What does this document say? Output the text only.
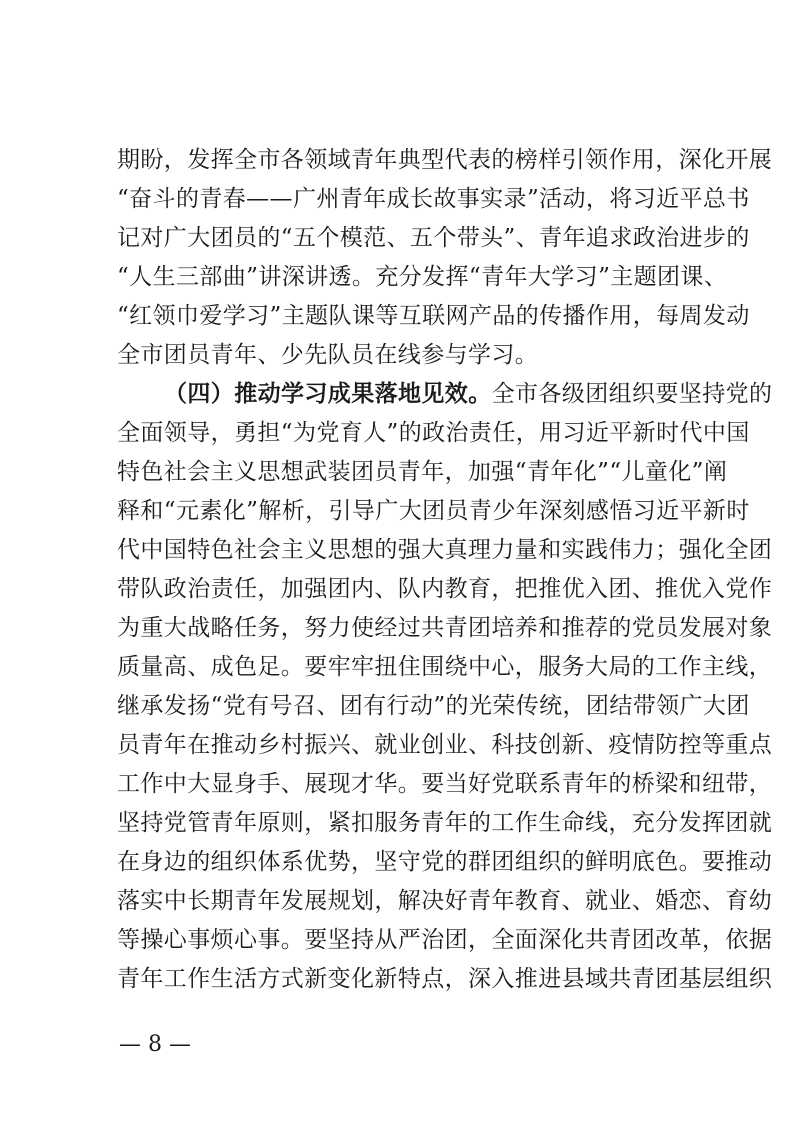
期盼，发挥全市各领域青年典型代表的榜样引领作用，深化开展
“奋斗的青春——广州青年成长故事实录”活动，将习近平总书
记对广大团员的“五个模范、五个带头”、青年追求政治进步的
“人生三部曲”讲深讲透。充分发挥“青年大学习”主题团课、
“红领巾爱学习”主题队课等互联网产品的传播作用，每周发动
全市团员青年、少先队员在线参与学习。
（四）推动学习成果落地见效。全市各级团组织要坚持党的
全面领导，勇担“为党育人”的政治责任，用习近平新时代中国
特色社会主义思想武装团员青年，加强“青年化”“儿童化”阐
释和“元素化”解析，引导广大团员青少年深刻感悟习近平新时
代中国特色社会主义思想的强大真理力量和实践伟力；强化全团
带队政治责任，加强团内、队内教育，把推优入团、推优入党作
为重大战略任务，努力使经过共青团培养和推荐的党员发展对象
质量高、成色足。要牢牢扭住围绕中心，服务大局的工作主线，
继承发扬“党有号召、团有行动”的光荣传统，团结带领广大团
员青年在推动乡村振兴、就业创业、科技创新、疫情防控等重点
工作中大显身手、展现才华。要当好党联系青年的桥梁和纽带，
坚持党管青年原则，紧扣服务青年的工作生命线，充分发挥团就
在身边的组织体系优势，坚守党的群团组织的鲜明底色。要推动
落实中长期青年发展规划，解决好青年教育、就业、婚恋、育幼
等操心事烦心事。要坚持从严治团，全面深化共青团改革，依据
青年工作生活方式新变化新特点，深入推进县域共青团基层组织
— 8 —
